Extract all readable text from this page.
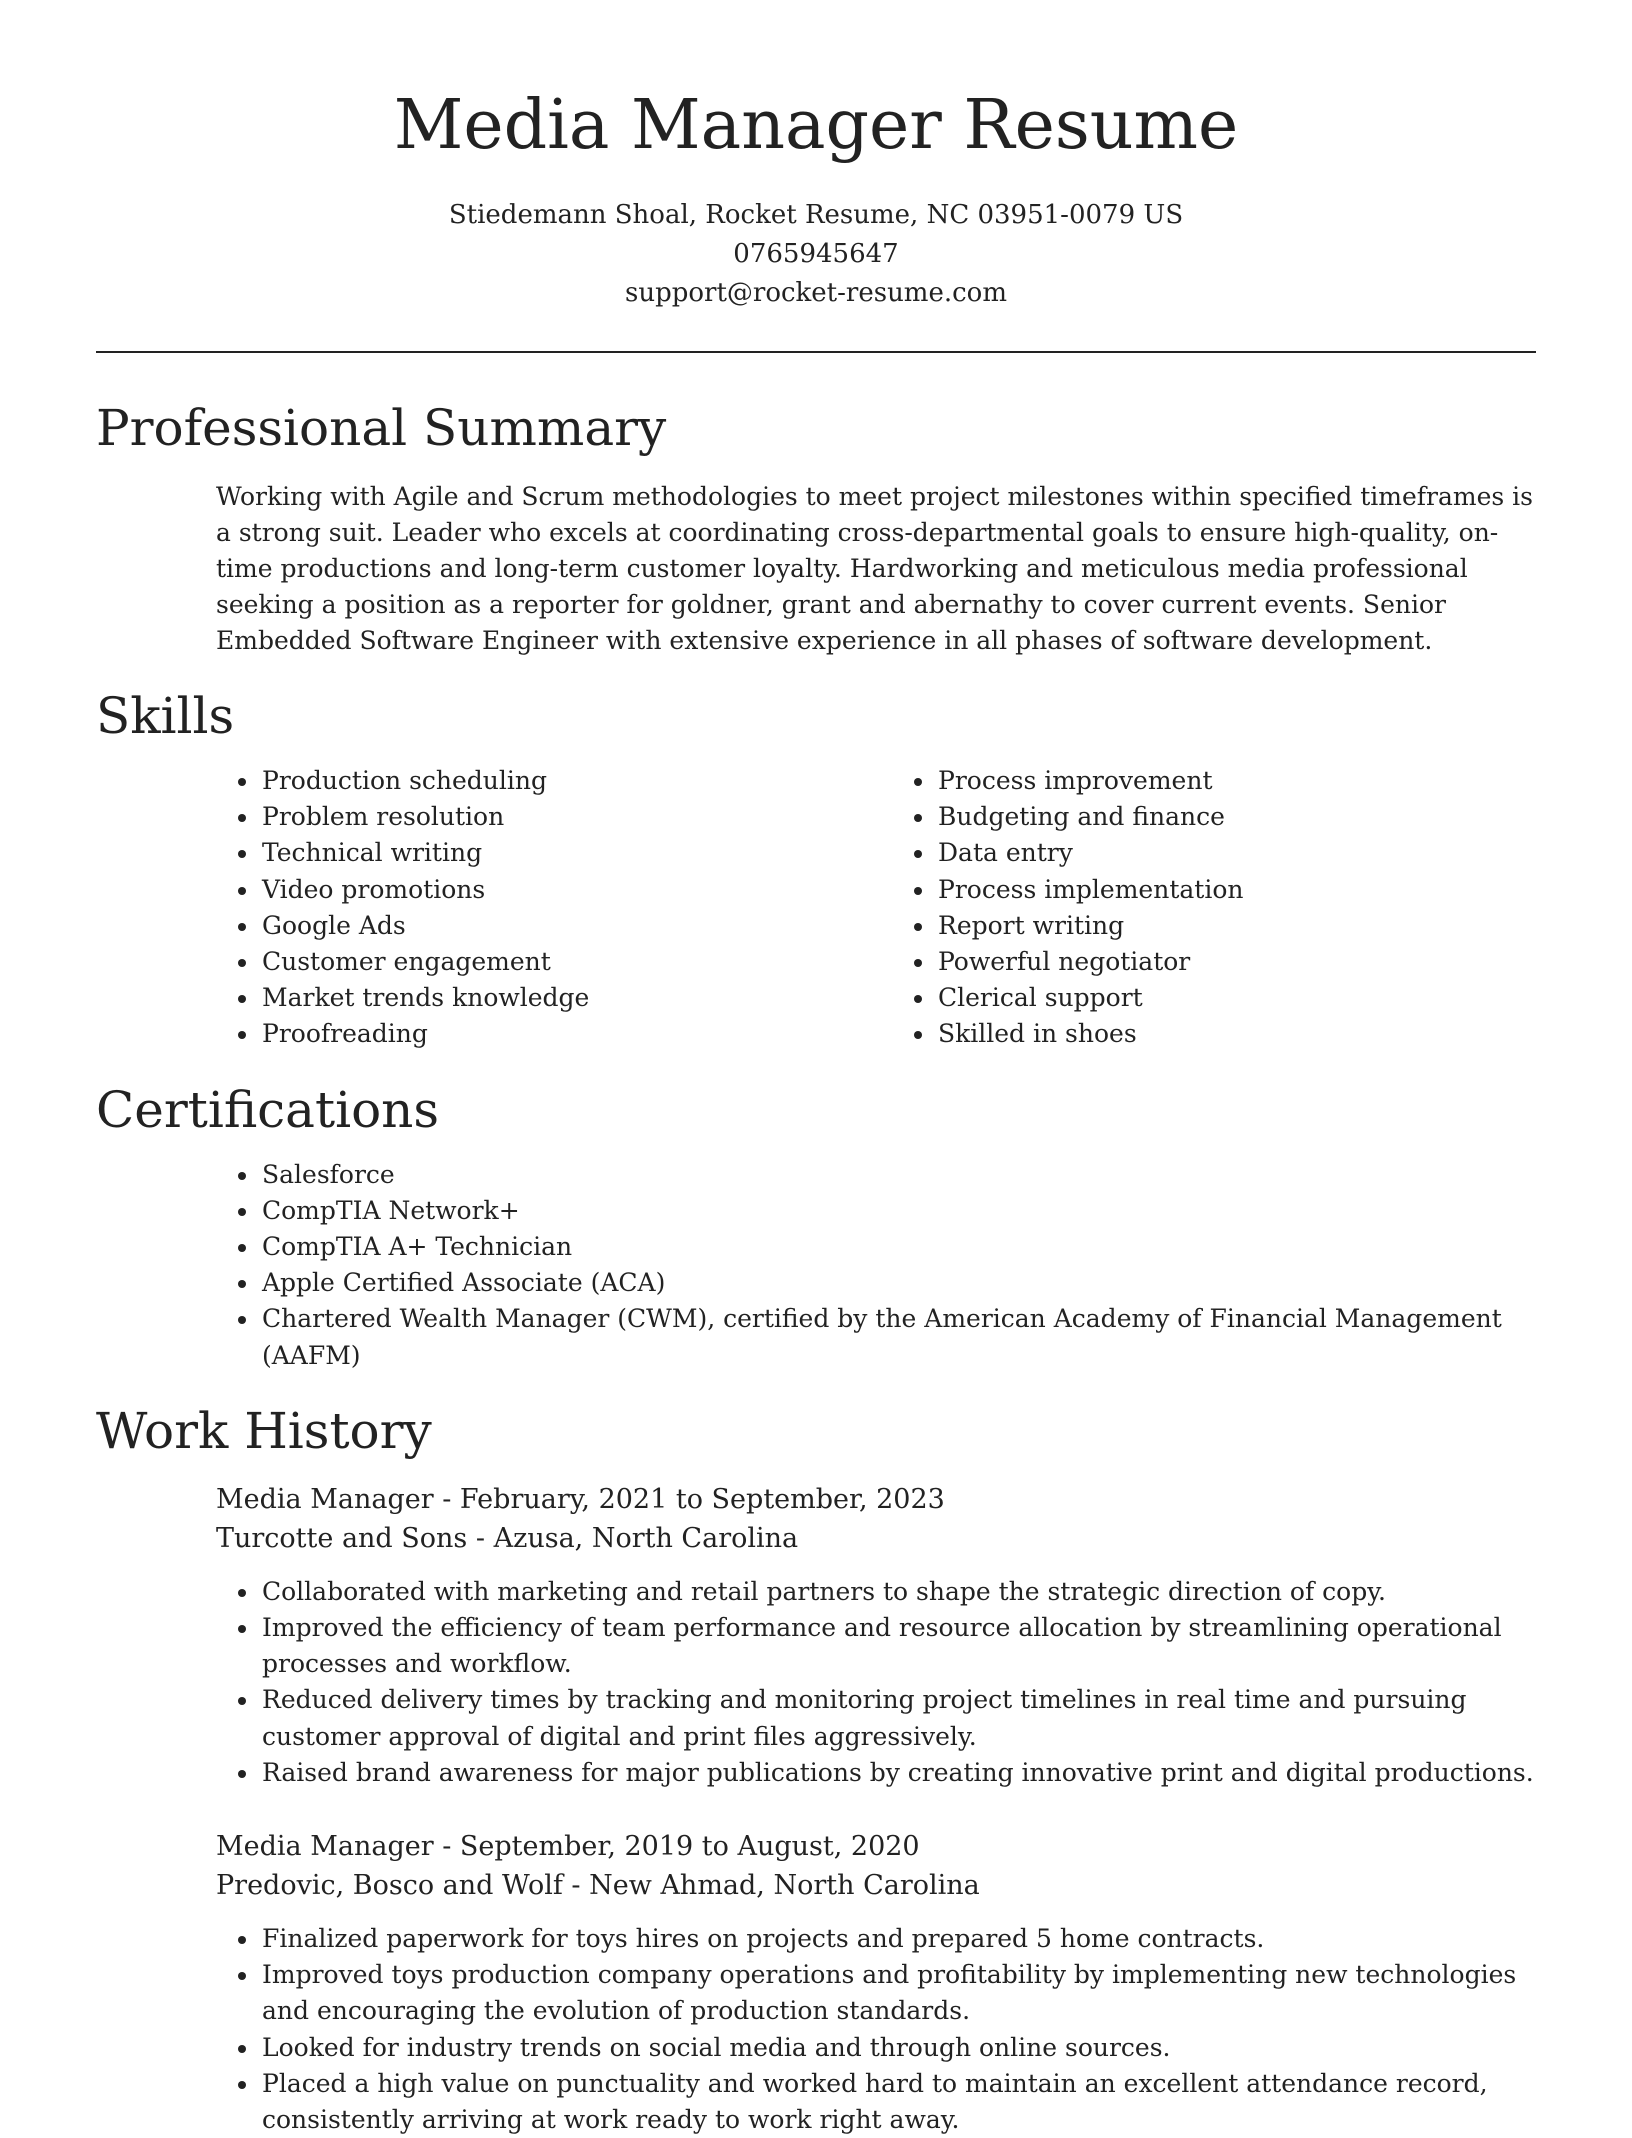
Media Manager Resume
Stiedemann Shoal, Rocket Resume, NC 03951-0079 US
0765945647
support@rocket-resume.com
Professional Summary

Working with Agile and Scrum methodologies to meet project milestones within specified timeframes is a strong suit. Leader who excels at coordinating cross-departmental goals to ensure high-quality, on-time productions and long-term customer loyalty. Hardworking and meticulous media professional seeking a position as a reporter for goldner, grant and abernathy to cover current events. Senior Embedded Software Engineer with extensive experience in all phases of software development.

Skills
• Production scheduling
• Problem resolution
• Technical writing
• Video promotions
• Google Ads
• Customer engagement
• Market trends knowledge
• Proofreading
• Process improvement
• Budgeting and finance
• Data entry
• Process implementation
• Report writing
• Powerful negotiator
• Clerical support
• Skilled in shoes
Certifications
• Salesforce
• CompTIA Network+
• CompTIA A+ Technician
• Apple Certified Associate (ACA)
• Chartered Wealth Manager (CWM), certified by the American Academy of Financial Management (AAFM)
Work History
Media Manager - February, 2021 to September, 2023
Turcotte and Sons - Azusa, North Carolina
• Collaborated with marketing and retail partners to shape the strategic direction of copy.
• Improved the efficiency of team performance and resource allocation by streamlining operational processes and workflow.
• Reduced delivery times by tracking and monitoring project timelines in real time and pursuing customer approval of digital and print files aggressively.
• Raised brand awareness for major publications by creating innovative print and digital productions.
Media Manager - September, 2019 to August, 2020
Predovic, Bosco and Wolf - New Ahmad, North Carolina
• Finalized paperwork for toys hires on projects and prepared 5 home contracts.
• Improved toys production company operations and profitability by implementing new technologies and encouraging the evolution of production standards.
• Looked for industry trends on social media and through online sources.
• Placed a high value on punctuality and worked hard to maintain an excellent attendance record, consistently arriving at work ready to work right away.
